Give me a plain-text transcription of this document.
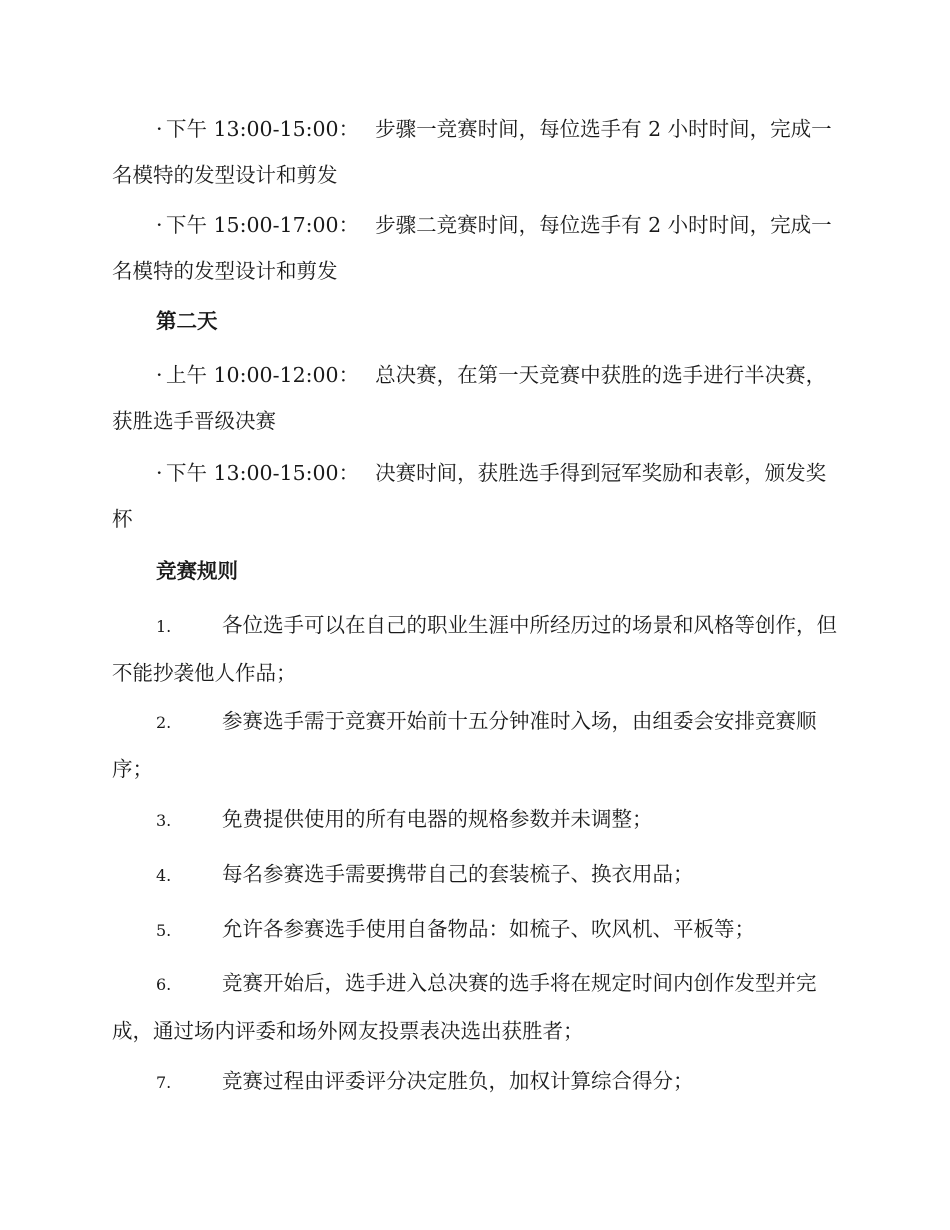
· 下午 13:00-15:00： 步骤一竞赛时间，每位选手有 2 小时时间，完成一名模特的发型设计和剪发

· 下午 15:00-17:00： 步骤二竞赛时间，每位选手有 2 小时时间，完成一名模特的发型设计和剪发

第二天

· 上午 10:00-12:00： 总决赛，在第一天竞赛中获胜的选手进行半决赛，获胜选手晋级决赛

· 下午 13:00-15:00： 决赛时间，获胜选手得到冠军奖励和表彰，颁发奖杯

竞赛规则

1. 各位选手可以在自己的职业生涯中所经历过的场景和风格等创作，但不能抄袭他人作品；

2. 参赛选手需于竞赛开始前十五分钟准时入场，由组委会安排竞赛顺序；

3. 免费提供使用的所有电器的规格参数并未调整；

4. 每名参赛选手需要携带自己的套装梳子、换衣用品；

5. 允许各参赛选手使用自备物品：如梳子、吹风机、平板等；

6. 竞赛开始后，选手进入总决赛的选手将在规定时间内创作发型并完成，通过场内评委和场外网友投票表决选出获胜者；

7. 竞赛过程由评委评分决定胜负，加权计算综合得分；
